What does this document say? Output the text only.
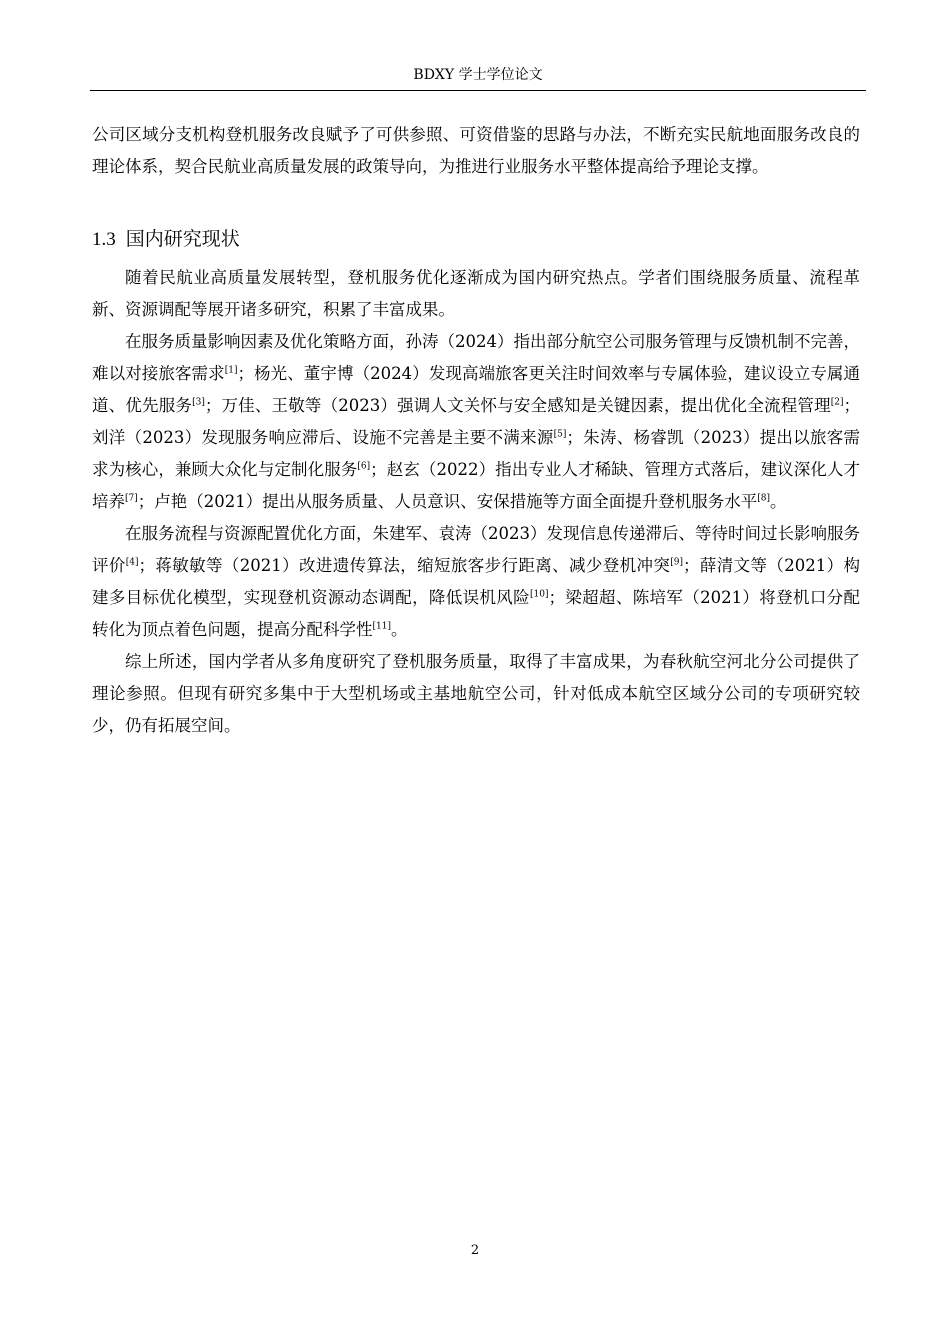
BDXY 学士学位论文

公司区域分支机构登机服务改良赋予了可供参照、可资借鉴的思路与办法，不断充实民航地面服务改良的理论体系，契合民航业高质量发展的政策导向，为推进行业服务水平整体提高给予理论支撑。

1.3 国内研究现状

随着民航业高质量发展转型，登机服务优化逐渐成为国内研究热点。学者们围绕服务质量、流程革新、资源调配等展开诸多研究，积累了丰富成果。

在服务质量影响因素及优化策略方面，孙涛（2024）指出部分航空公司服务管理与反馈机制不完善，难以对接旅客需求[1]；杨光、董宇博（2024）发现高端旅客更关注时间效率与专属体验，建议设立专属通道、优先服务[3]；万佳、王敬等（2023）强调人文关怀与安全感知是关键因素，提出优化全流程管理[2]；刘洋（2023）发现服务响应滞后、设施不完善是主要不满来源[5]；朱涛、杨睿凯（2023）提出以旅客需求为核心，兼顾大众化与定制化服务[6]；赵玄（2022）指出专业人才稀缺、管理方式落后，建议深化人才培养[7]；卢艳（2021）提出从服务质量、人员意识、安保措施等方面全面提升登机服务水平[8]。

在服务流程与资源配置优化方面，朱建军、袁涛（2023）发现信息传递滞后、等待时间过长影响服务评价[4]；蒋敏敏等（2021）改进遗传算法，缩短旅客步行距离、减少登机冲突[9]；薛清文等（2021）构建多目标优化模型，实现登机资源动态调配，降低误机风险[10]；梁超超、陈培军（2021）将登机口分配转化为顶点着色问题，提高分配科学性[11]。

综上所述，国内学者从多角度研究了登机服务质量，取得了丰富成果，为春秋航空河北分公司提供了理论参照。但现有研究多集中于大型机场或主基地航空公司，针对低成本航空区域分公司的专项研究较少，仍有拓展空间。

2
